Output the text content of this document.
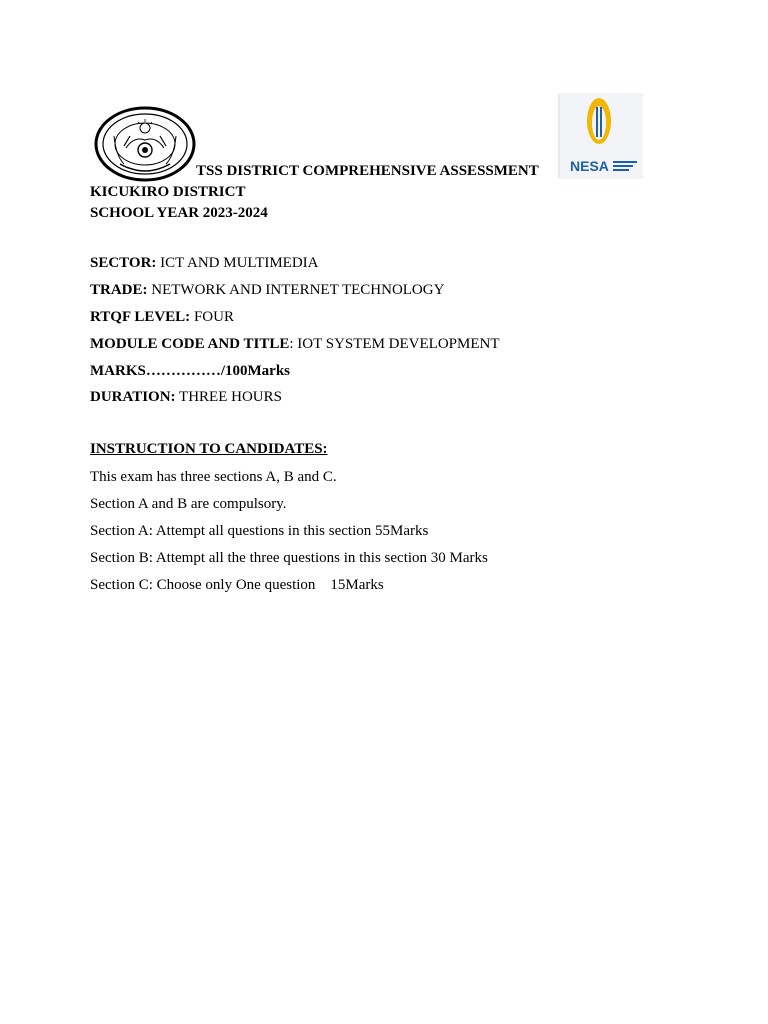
NESA
TSS DISTRICT COMPREHENSIVE ASSESSMENT
KICUKIRO DISTRICT
SCHOOL YEAR 2023-2024
SECTOR: ICT AND MULTIMEDIA
TRADE: NETWORK AND INTERNET TECHNOLOGY
RTQF LEVEL: FOUR
MODULE CODE AND TITLE: IOT SYSTEM DEVELOPMENT
MARKS……………/100Marks
DURATION: THREE HOURS
INSTRUCTION TO CANDIDATES:
This exam has three sections A, B and C.
Section A and B are compulsory.
Section A: Attempt all questions in this section 55Marks
Section B: Attempt all the three questions in this section 30 Marks
Section C: Choose only One question    15Marks
